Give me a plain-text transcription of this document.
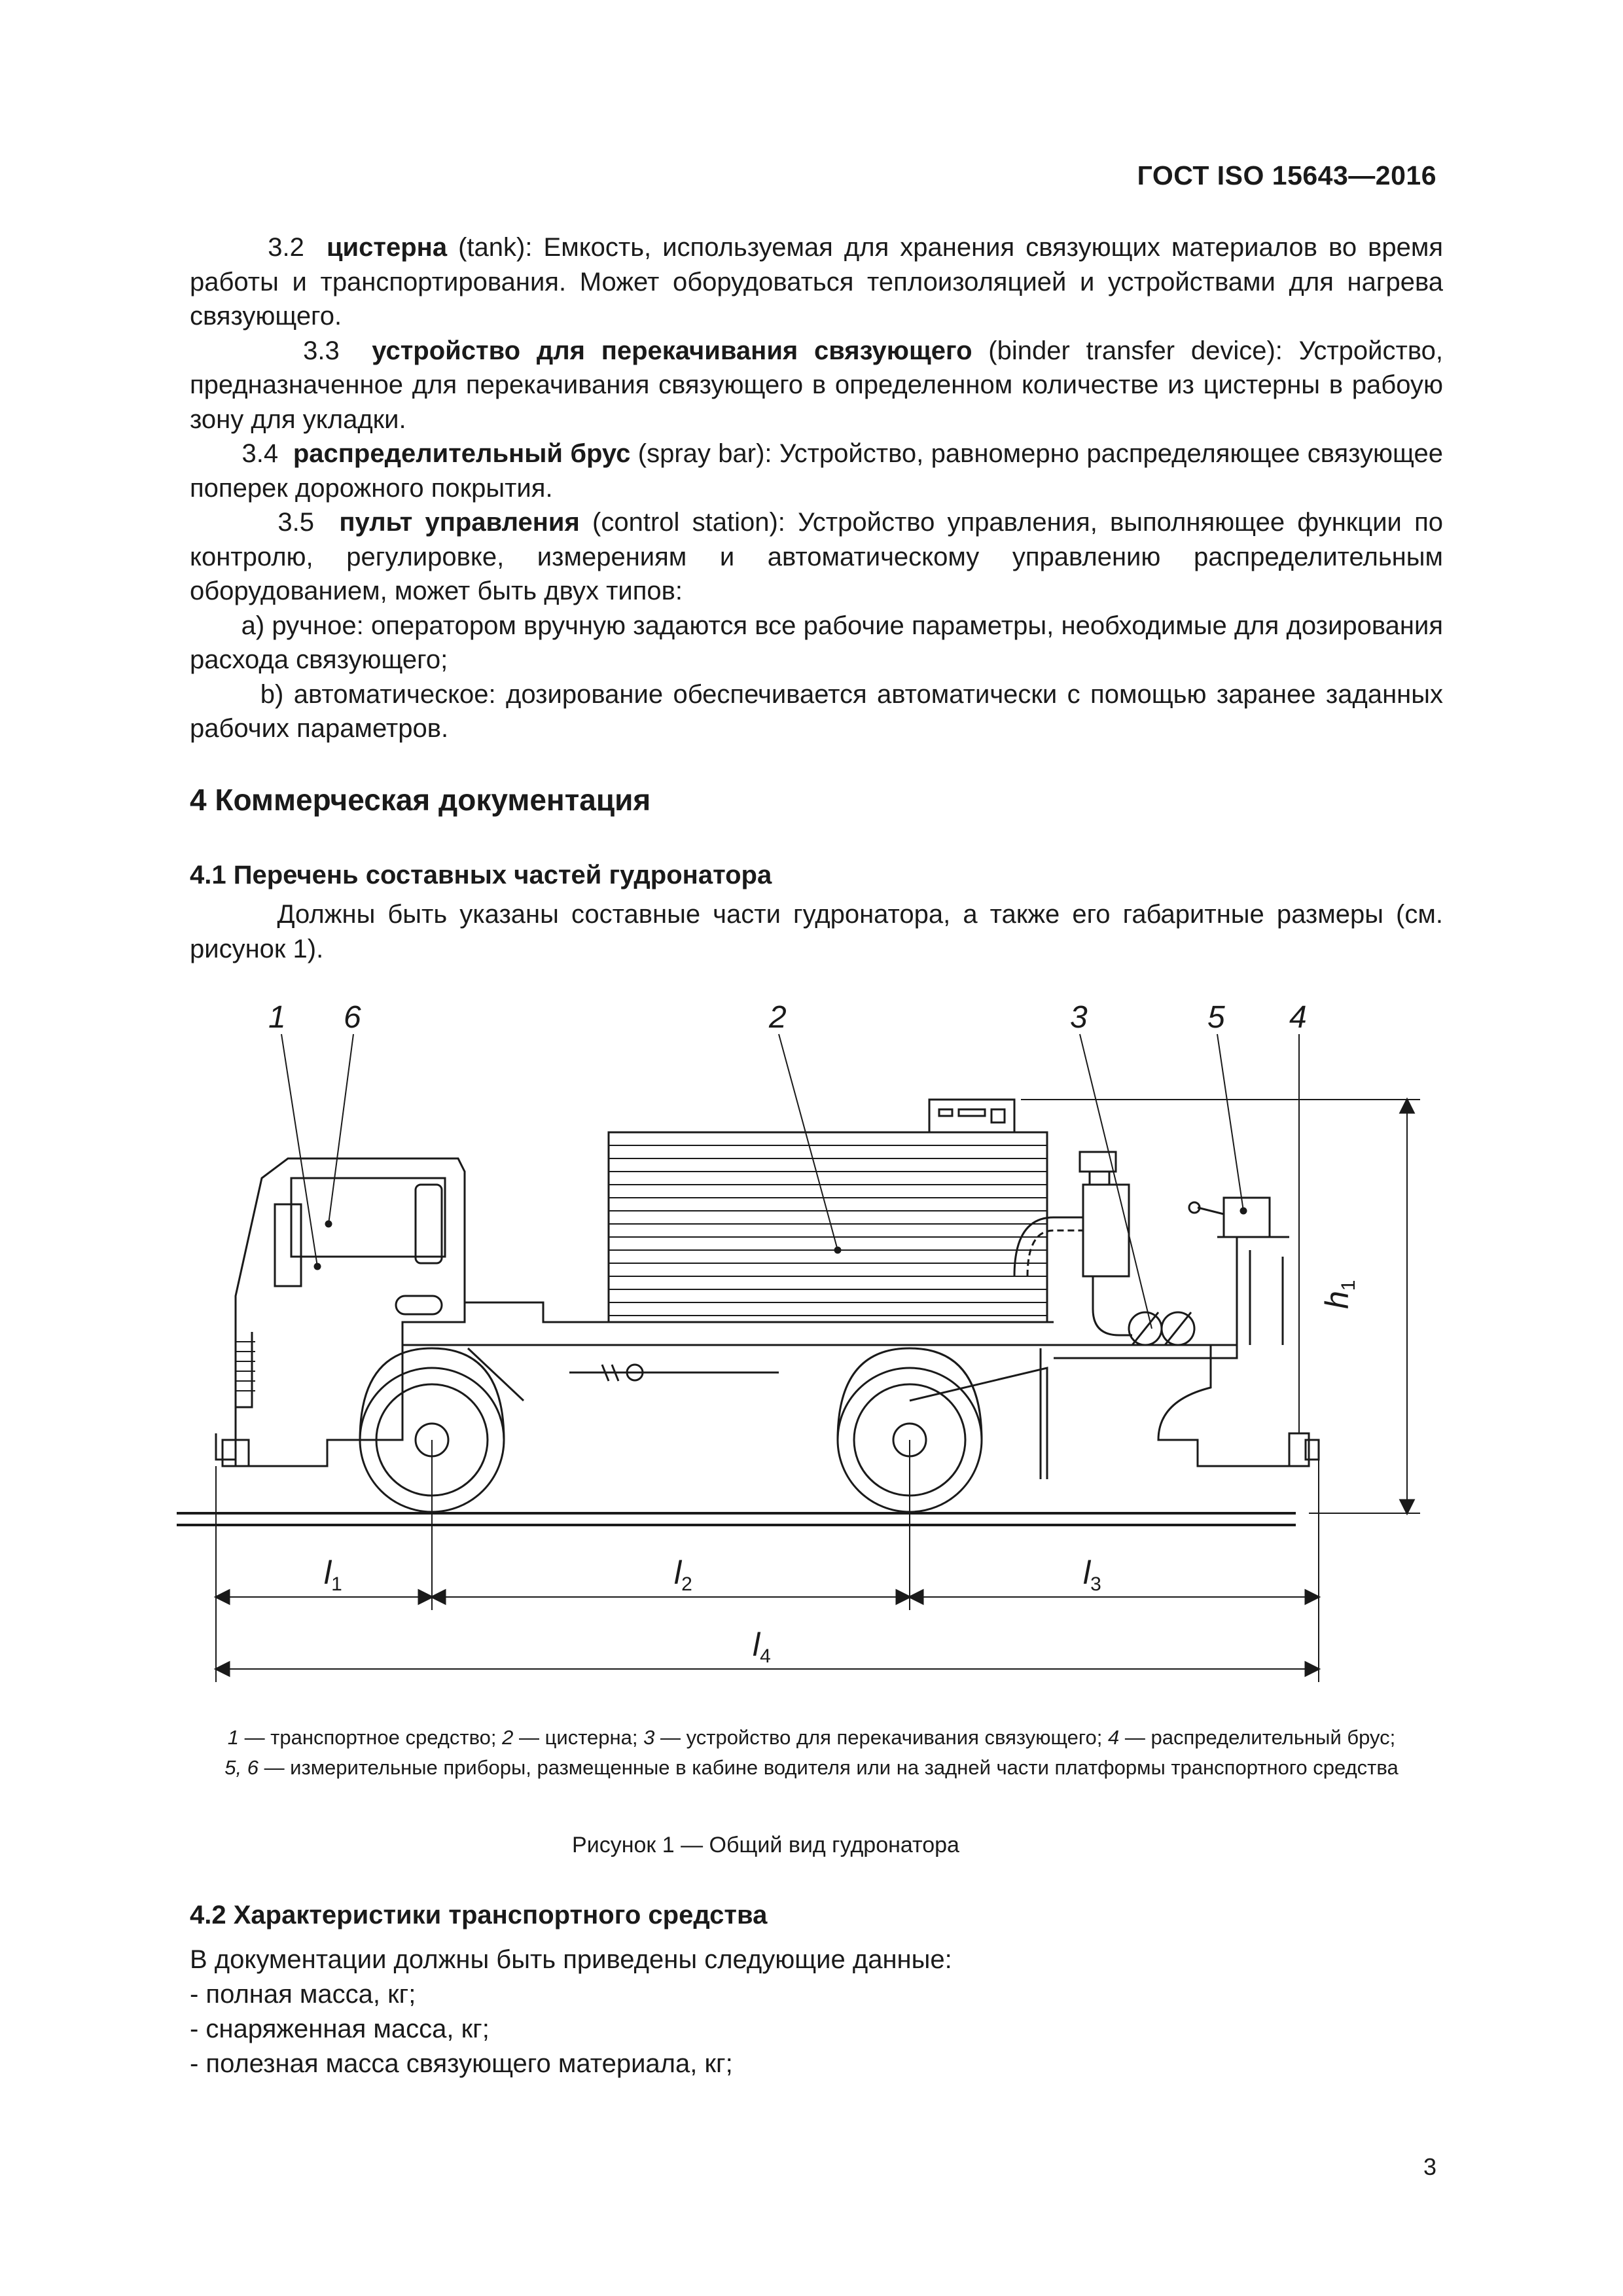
ГОСТ ISO 15643—2016

3.2 цистерна (tank): Емкость, используемая для хранения связующих материалов во время работы и транспортирования. Может оборудоваться теплоизоляцией и устройствами для нагрева связующего.

3.3 устройство для перекачивания связующего (binder transfer device): Устройство, предназначенное для перекачивания связующего в определенном количестве из цистерны в рабоую зону для укладки.

3.4 распределительный брус (spray bar): Устройство, равномерно распределяющее связующее поперек дорожного покрытия.

3.5 пульт управления (control station): Устройство управления, выполняющее функции по контролю, регулировке, измерениям и автоматическому управлению распределительным оборудованием, может быть двух типов:

a) ручное: оператором вручную задаются все рабочие параметры, необходимые для дозирования расхода связующего;

b) автоматическое: дозирование обеспечивается автоматически с помощью заранее заданных рабочих параметров.

4 Коммерческая документация
4.1 Перечень составных частей гудронатора

Должны быть указаны составные части гудронатора, а также его габаритные размеры (см. рисунок 1).

1 6	2	3	5 4
$l_1$	$l_2$	$l_3$
$l_4$
$h_1$
1 — транспортное средство; 2 — цистерна; 3 — устройство для перекачивания связующего; 4 — распределительный брус;
5, 6 — измерительные приборы, размещенные в кабине водителя или на задней части платформы транспортного средства
Рисунок 1 — Общий вид гудронатора
4.2 Характеристики транспортного средства
В документации должны быть приведены следующие данные:
- полная масса, кг;
- снаряженная масса, кг;
- полезная масса связующего материала, кг;
3
